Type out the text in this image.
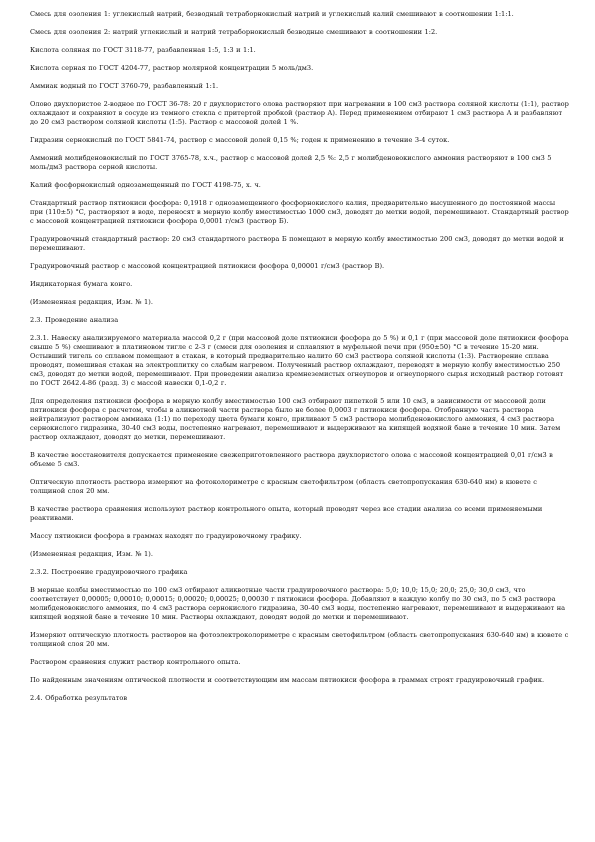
Смесь для озоления 1: углекислый натрий, безводный тетраборнокислый натрий и углекислый калий смешивают в соотношении 1:1:1.

Смесь для озоления 2: натрий углекислый и натрий тетраборнокислый безводные смешивают в соотношении 1:2.

Кислота соляная по ГОСТ 3118-77, разбавленная 1:5, 1:3 и 1:1.

Кислота серная по ГОСТ 4204-77, раствор молярной концентрации 5 моль/дм3.

Аммиак водный по ГОСТ 3760-79, разбавленный 1:1.

Олово двухлористое 2-водное по ГОСТ 36-78: 20 г двухлористого олова растворяют при нагревании в 100 см3 раствора соляной кислоты (1:1), раствор охлаждают и сохраняют в сосуде из темного стекла с притертой пробкой (раствор А). Перед применением отбирают 1 см3 раствора А и разбавляют до 20 см3 раствором соляной кислоты (1:5). Раствор с массовой долей 1 %.

Гидразин сернокислый по ГОСТ 5841-74, раствор с массовой долей 0,15 %; годен к применению в течение 3-4 суток.

Аммоний молибденовокислый по ГОСТ 3765-78, х.ч., раствор с массовой долей 2,5 %: 2,5 г молибденовокислого аммония растворяют в 100 см3 5 моль/дм3 раствора серной кислоты.

Калий фосфорнокислый однозамещенный по ГОСТ 4198-75, х. ч.

Стандартный раствор пятиокиси фосфора: 0,1918 г однозамещенного фосфорнокислого калия, предварительно высушенного до постоянной массы при (110±5) °С, растворяют в воде, переносят в мерную колбу вместимостью 1000 см3, доводят до метки водой, перемешивают. Стандартный раствор с массовой концентрацией пятиокиси фосфора 0,0001 г/см3 (раствор Б).

Градуировочный стандартный раствор: 20 см3 стандартного раствора Б помещают в мерную колбу вместимостью 200 см3, доводят до метки водой и перемешивают.

Градуировочный раствор с массовой концентрацией пятиокиси фосфора 0,00001 г/см3 (раствор В).

Индикаторная бумага конго.

(Измененная редакция, Изм. № 1).

2.3. Проведение анализа

2.3.1. Навеску анализируемого материала массой 0,2 г (при массовой доле пятиокиси фосфора до 5 %) и 0,1 г (при массовой доле пятиокиси фосфора свыше 5 %) смешивают в платиновом тигле с 2-3 г (смеси для озоления и сплавляют в муфельной печи при (950±50) °С в течение 15-20 мин. Остывший тигель со сплавом помещают в стакан, в который предварительно налито 60 см3 раствора соляной кислоты (1:3). Растворение сплава проводят, помешивая стакан на электроплитку со слабым нагревом. Полученный раствор охлаждают, переводят в мерную колбу вместимостью 250 см3, доводят до метки водой, перемешивают. При проведении анализа кремнеземистых огнеупоров и огнеупорного сырья исходный раствор готовят по ГОСТ 2642.4-86 (разд. 3) с массой навески 0,1-0,2 г.

Для определения пятиокиси фосфора в мерную колбу вместимостью 100 см3 отбирают пипеткой 5 или 10 см3, в зависимости от массовой доли пятиокиси фосфора с расчетом, чтобы в аликвотной части раствора было не более 0,0003 г пятиокиси фосфора. Отобранную часть раствора нейтрализуют раствором аммиака (1:1) по переходу цвета бумаги конго, приливают 5 см3 раствора молибденовокислого аммония, 4 см3 раствора сернокислого гидразина, 30-40 см3 воды, постепенно нагревают, перемешивают и выдерживают на кипящей водяной бане в течение 10 мин. Затем раствор охлаждают, доводят до метки, перемешивают.

В качестве восстановителя допускается применение свежеприготовленного раствора двухлористого олова с массовой концентрацией 0,01 г/см3 в объеме 5 см3.

Оптическую плотность раствора измеряют на фотоколориметре с красным светофильтром (область светопропускания 630-640 нм) в кювете с толщиной слоя 20 мм.

В качестве раствора сравнения используют раствор контрольного опыта, который проводят через все стадии анализа со всеми применяемыми реактивами.

Массу пятиокиси фосфора в граммах находят по градуировочному графику.

(Измененная редакция, Изм. № 1).

2.3.2. Построение градуировочного графика

В мерные колбы вместимостью по 100 см3 отбирают аликвотные части градуировочного раствора: 5,0; 10,0; 15,0; 20,0; 25,0; 30,0 см3, что соответствует 0,00005; 0,00010; 0,00015; 0,00020; 0,00025; 0,00030 г пятиокиси фосфора. Добавляют в каждую колбу по 30 см3, по 5 см3 раствора молибденовокислого аммония, по 4 см3 раствора сернокислого гидразина, 30-40 см3 воды, постепенно нагревают, перемешивают и выдерживают на кипящей водяной бане в течение 10 мин. Растворы охлаждают, доводят водой до метки и перемешивают.

Измеряют оптическую плотность растворов на фотоэлектроколориметре с красным светофильтром (область светопропускания 630-640 нм) в кювете с толщиной слоя 20 мм.

Раствором сравнения служит раствор контрольного опыта.

По найденным значениям оптической плотности и соответствующим им массам пятиокиси фосфора в граммах строят градуировочный график.

2.4. Обработка результатов
